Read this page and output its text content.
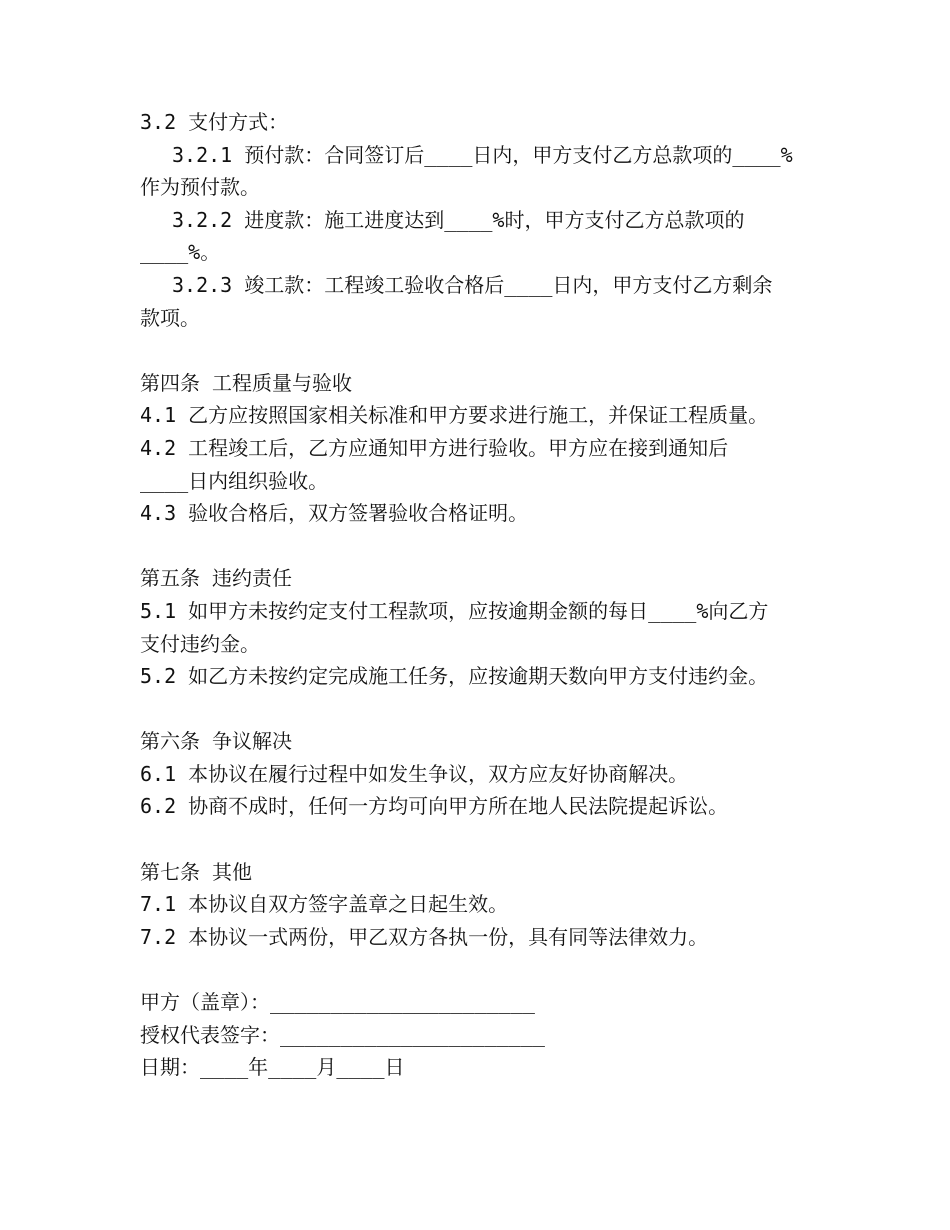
3.2 支付方式：
3.2.1 预付款：合同签订后____日内，甲方支付乙方总款项的____%
作为预付款。
3.2.2 进度款：施工进度达到____%时，甲方支付乙方总款项的
____%。
3.2.3 竣工款：工程竣工验收合格后____日内，甲方支付乙方剩余
款项。
第四条 工程质量与验收
4.1 乙方应按照国家相关标准和甲方要求进行施工，并保证工程质量。
4.2 工程竣工后，乙方应通知甲方进行验收。甲方应在接到通知后
____日内组织验收。
4.3 验收合格后，双方签署验收合格证明。
第五条 违约责任
5.1 如甲方未按约定支付工程款项，应按逾期金额的每日____%向乙方
支付违约金。
5.2 如乙方未按约定完成施工任务，应按逾期天数向甲方支付违约金。
第六条 争议解决
6.1 本协议在履行过程中如发生争议，双方应友好协商解决。
6.2 协商不成时，任何一方均可向甲方所在地人民法院提起诉讼。
第七条 其他
7.1 本协议自双方签字盖章之日起生效。
7.2 本协议一式两份，甲乙双方各执一份，具有同等法律效力。
甲方（盖章）：______________________
授权代表签字：______________________
日期：____年____月____日
